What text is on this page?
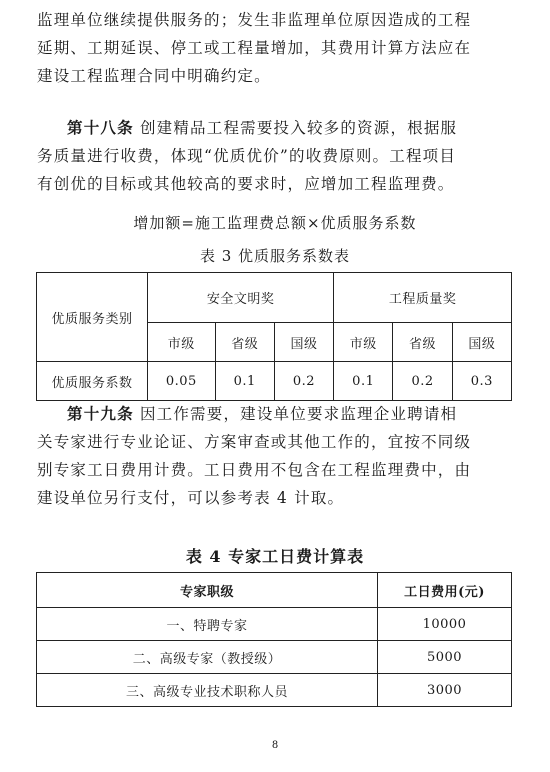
监理单位继续提供服务的；发生非监理单位原因造成的工程
延期、工期延误、停工或工程量增加，其费用计算方法应在
建设工程监理合同中明确约定。
第十八条 创建精品工程需要投入较多的资源，根据服
务质量进行收费，体现“优质优价”的收费原则。工程项目
有创优的目标或其他较高的要求时，应增加工程监理费。
增加额=施工监理费总额×优质服务系数
表 3 优质服务系数表
优质服务类别	安全文明奖			工程质量奖		
	市级	省级	国级	市级	省级	国级
优质服务系数	0.05	0.1	0.2	0.1	0.2	0.3
第十九条 因工作需要，建设单位要求监理企业聘请相
关专家进行专业论证、方案审查或其他工作的，宜按不同级
别专家工日费用计费。工日费用不包含在工程监理费中，由
建设单位另行支付，可以参考表 4 计取。
表 4 专家工日费计算表
专家职级	工日费用(元)
一、特聘专家	10000
二、高级专家（教授级）	5000
三、高级专业技术职称人员	3000
8
